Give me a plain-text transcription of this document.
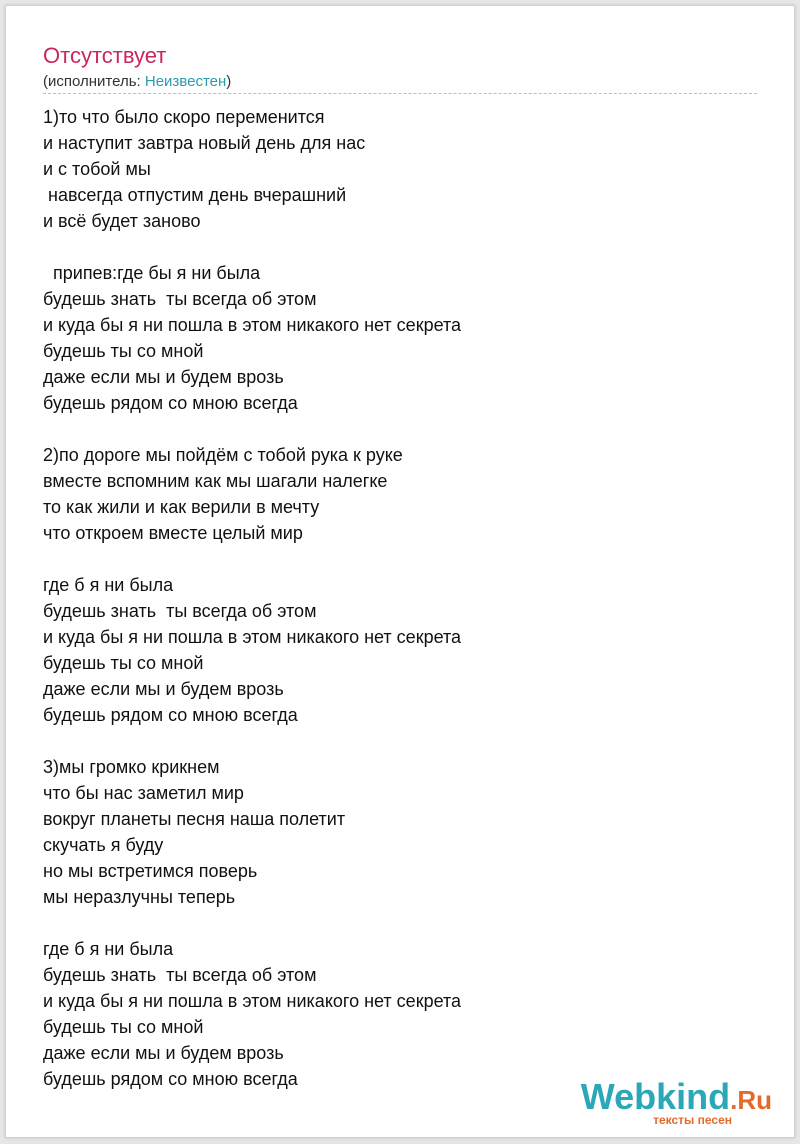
Отсутствует
(исполнитель: Неизвестен)
1)то что было скоро переменится
и наступит завтра новый день для нас
и с тобой мы
навсегда отпустим день вчерашний
и всё будет заново
припев:где бы я ни была
будешь знать  ты всегда об этом
и куда бы я ни пошла в этом никакого нет секрета
будешь ты со мной
даже если мы и будем врозь
будешь рядом со мною всегда
2)по дороге мы пойдём с тобой рука к руке
вместе вспомним как мы шагали налегке
то как жили и как верили в мечту
что откроем вместе целый мир
где б я ни была
будешь знать  ты всегда об этом
и куда бы я ни пошла в этом никакого нет секрета
будешь ты со мной
даже если мы и будем врозь
будешь рядом со мною всегда
3)мы громко крикнем
что бы нас заметил мир
вокруг планеты песня наша полетит
скучать я буду
но мы встретимся поверь
мы неразлучны теперь
где б я ни была
будешь знать  ты всегда об этом
и куда бы я ни пошла в этом никакого нет секрета
будешь ты со мной
даже если мы и будем врозь
будешь рядом со мною всегда	Webkind.Ru
тексты песен
